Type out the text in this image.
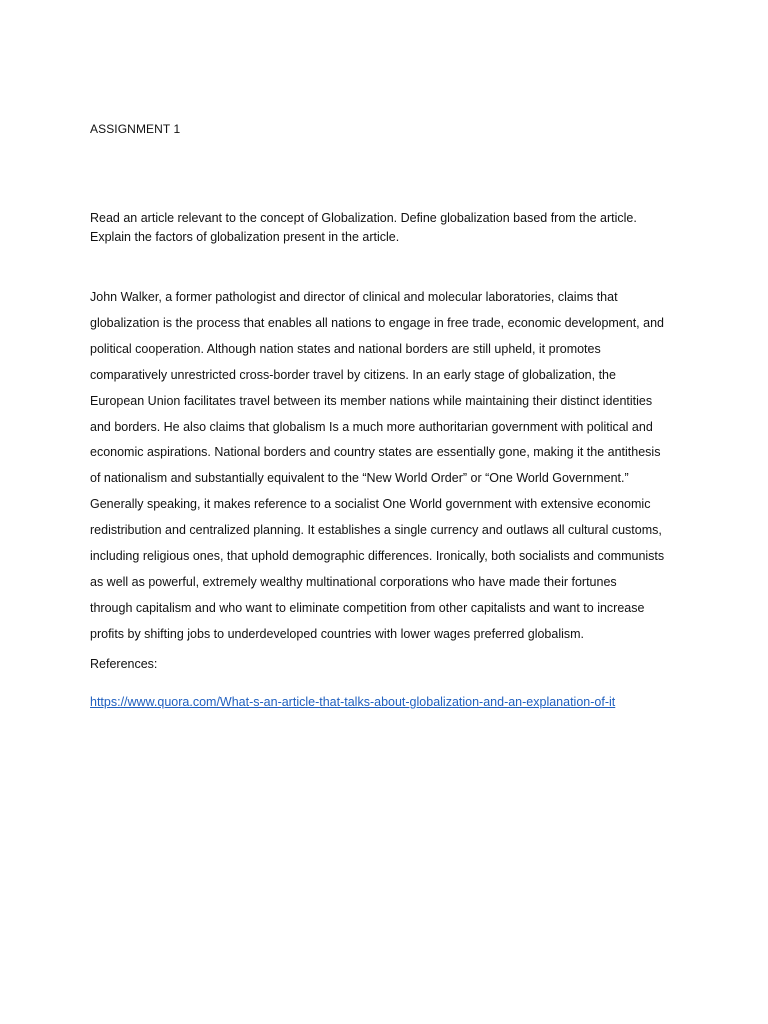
ASSIGNMENT 1
Read an article relevant to the concept of Globalization. Define globalization based from the article. Explain the factors of globalization present in the article.
John Walker, a former pathologist and director of clinical and molecular laboratories, claims that
globalization is the process that enables all nations to engage in free trade, economic development, and
political cooperation. Although nation states and national borders are still upheld, it promotes
comparatively unrestricted cross-border travel by citizens. In an early stage of globalization, the
European Union facilitates travel between its member nations while maintaining their distinct identities
and borders. He also claims that globalism Is a much more authoritarian government with political and
economic aspirations. National borders and country states are essentially gone, making it the antithesis
of nationalism and substantially equivalent to the “New World Order” or “One World Government.”
Generally speaking, it makes reference to a socialist One World government with extensive economic
redistribution and centralized planning. It establishes a single currency and outlaws all cultural customs,
including religious ones, that uphold demographic differences. Ironically, both socialists and communists
as well as powerful, extremely wealthy multinational corporations who have made their fortunes
through capitalism and who want to eliminate competition from other capitalists and want to increase
profits by shifting jobs to underdeveloped countries with lower wages preferred globalism.
References:
https://www.quora.com/What-s-an-article-that-talks-about-globalization-and-an-explanation-of-it
